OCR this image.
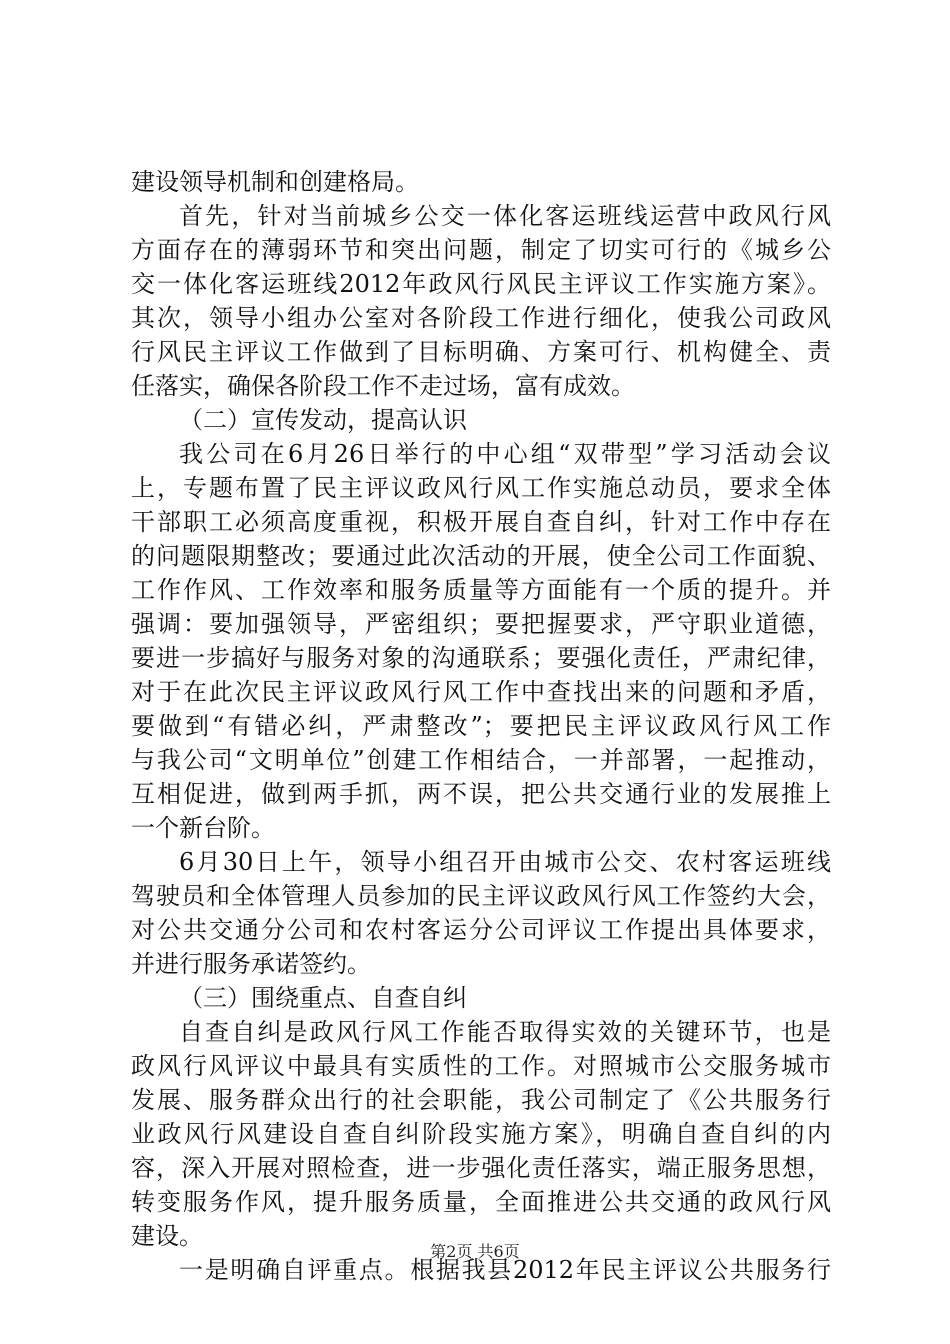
建设领导机制和创建格局。
首先，针对当前城乡公交一体化客运班线运营中政风行风
方面存在的薄弱环节和突出问题，制定了切实可行的《城乡公
交一体化客运班线2012年政风行风民主评议工作实施方案》。
其次，领导小组办公室对各阶段工作进行细化，使我公司政风
行风民主评议工作做到了目标明确、方案可行、机构健全、责
任落实，确保各阶段工作不走过场，富有成效。
（二）宣传发动，提高认识
我公司在6月26日举行的中心组“双带型”学习活动会议
上，专题布置了民主评议政风行风工作实施总动员，要求全体
干部职工必须高度重视，积极开展自查自纠，针对工作中存在
的问题限期整改；要通过此次活动的开展，使全公司工作面貌、
工作作风、工作效率和服务质量等方面能有一个质的提升。并
强调：要加强领导，严密组织；要把握要求，严守职业道德，
要进一步搞好与服务对象的沟通联系；要强化责任，严肃纪律，
对于在此次民主评议政风行风工作中查找出来的问题和矛盾，
要做到“有错必纠，严肃整改”；要把民主评议政风行风工作
与我公司“文明单位”创建工作相结合，一并部署，一起推动，
互相促进，做到两手抓，两不误，把公共交通行业的发展推上
一个新台阶。
6月30日上午，领导小组召开由城市公交、农村客运班线
驾驶员和全体管理人员参加的民主评议政风行风工作签约大会，
对公共交通分公司和农村客运分公司评议工作提出具体要求，
并进行服务承诺签约。
（三）围绕重点、自查自纠
自查自纠是政风行风工作能否取得实效的关键环节，也是
政风行风评议中最具有实质性的工作。对照城市公交服务城市
发展、服务群众出行的社会职能，我公司制定了《公共服务行
业政风行风建设自查自纠阶段实施方案》，明确自查自纠的内
容，深入开展对照检查，进一步强化责任落实，端正服务思想，
转变服务作风，提升服务质量，全面推进公共交通的政风行风
建设。
一是明确自评重点。根据我县2012年民主评议公共服务行
第2页 共6页
